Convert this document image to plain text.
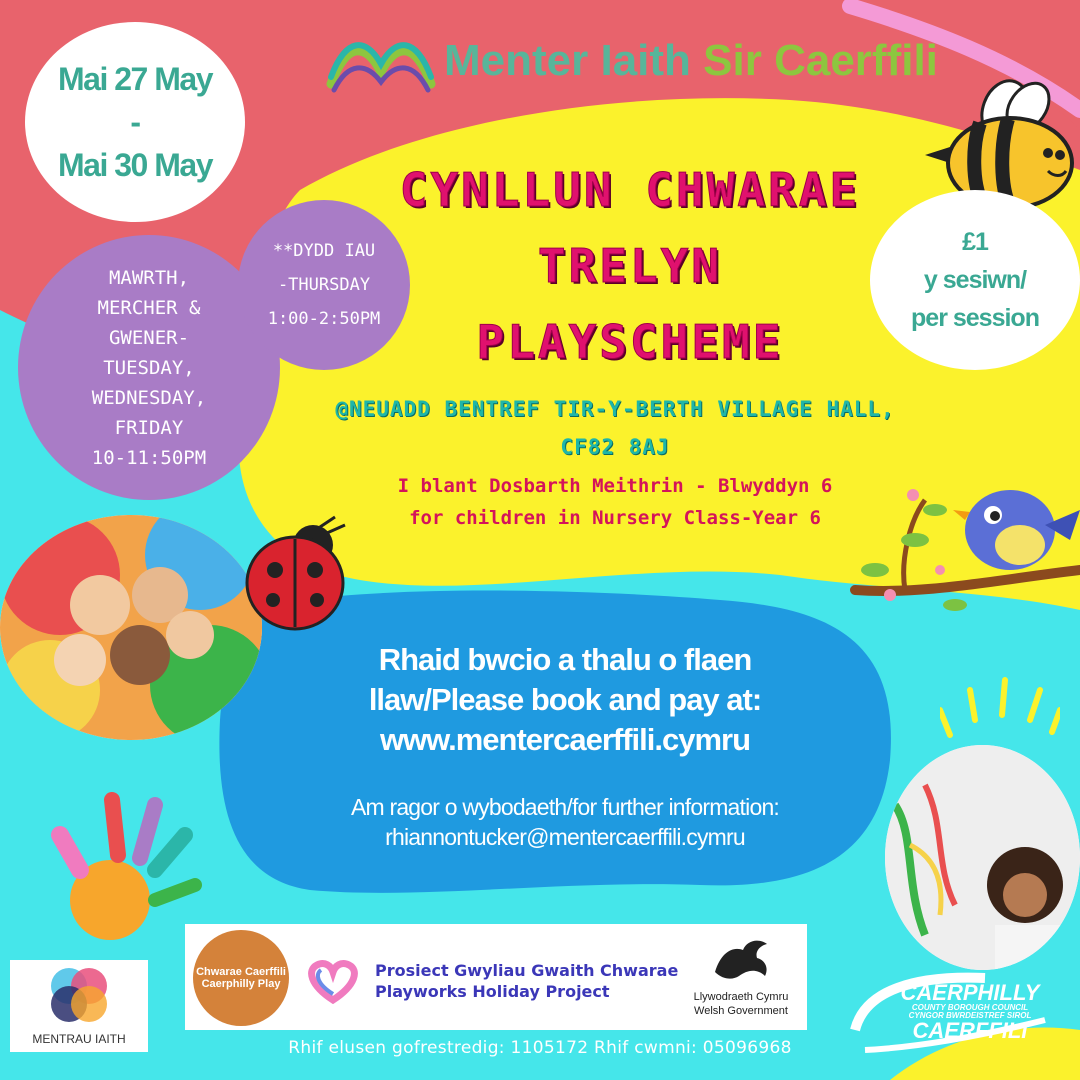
Menter Iaith Sir Caerffili
Mai 27 May
-
Mai 30 May	CYNLLUN CHWARAE
TRELYN
PLAYSCHEME
£1
y sesiwn/
per session
MAWRTH,
MERCHER &
GWENER-
TUESDAY,
WEDNESDAY,
FRIDAY
10-11:50PM
**DYDD IAU
-THURSDAY
1:00-2:50PM
@NEUADD BENTREF TIR-Y-BERTH VILLAGE HALL,
CF82 8AJ
I blant Dosbarth Meithrin - Blwyddyn 6
for children in Nursery Class-Year 6
Rhaid bwcio a thalu o flaen
llaw/Please book and pay at:
www.mentercaerffili.cymru
Am ragor o wybodaeth/for further information:
rhiannontucker@mentercaerffili.cymru
MENTRAU IAITH
Chwarae Caerffili
Caerphilly Play
Prosiect Gwyliau Gwaith Chwarae
Playworks Holiday Project	Llywodraeth Cymru
Welsh Government
CAERPHILLY
COUNTY BOROUGH COUNCIL
CYNGOR BWRDEISTREF SIROL
CAERFFILI
Rhif elusen gofrestredig: 1105172 Rhif cwmni: 05096968
